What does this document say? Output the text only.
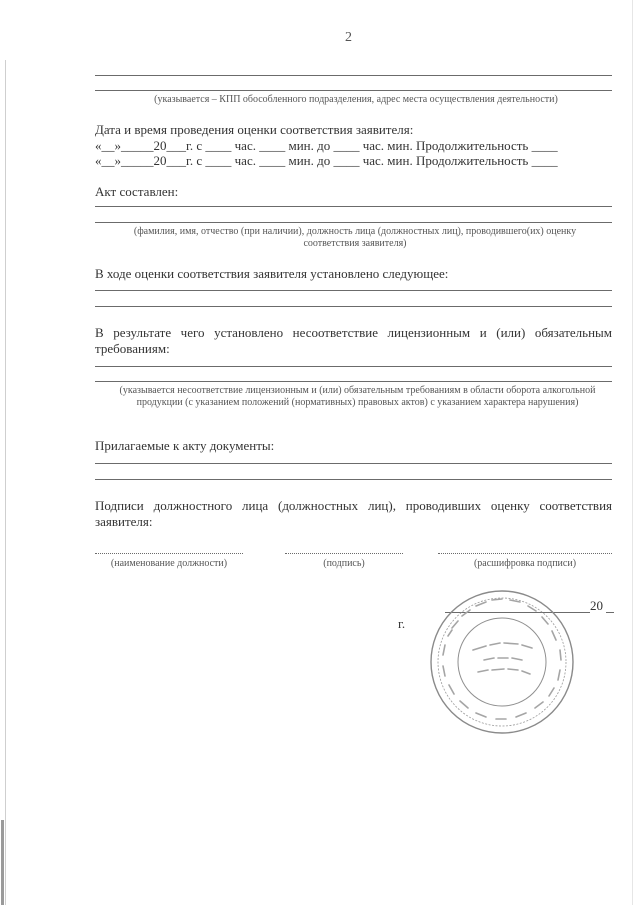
2
(указывается – КПП обособленного подразделения, адрес места осуществления деятельности)
Дата и время проведения оценки соответствия заявителя:
«__»_____20___г. с ____ час. ____ мин. до ____ час. мин. Продолжительность ____
«__»_____20___г. с ____ час. ____ мин. до ____ час. мин. Продолжительность ____
Акт составлен:
(фамилия, имя, отчество (при наличии), должность лица (должностных лиц), проводившего(их) оценку соответствия заявителя)
В ходе оценки соответствия заявителя установлено следующее:
В результате чего установлено несоответствие лицензионным и (или) обязательным
требованиям:
(указывается несоответствие лицензионным и (или) обязательным требованиям в области оборота алкогольной продукции (с указанием положений (нормативных) правовых актов) с указанием характера нарушения)
Прилагаемые к акту документы:
Подписи должностного лица (должностных лиц), проводивших оценку соответствия
заявителя:
(наименование должности)	(подпись)	(расшифровка подписи)
20
г.
